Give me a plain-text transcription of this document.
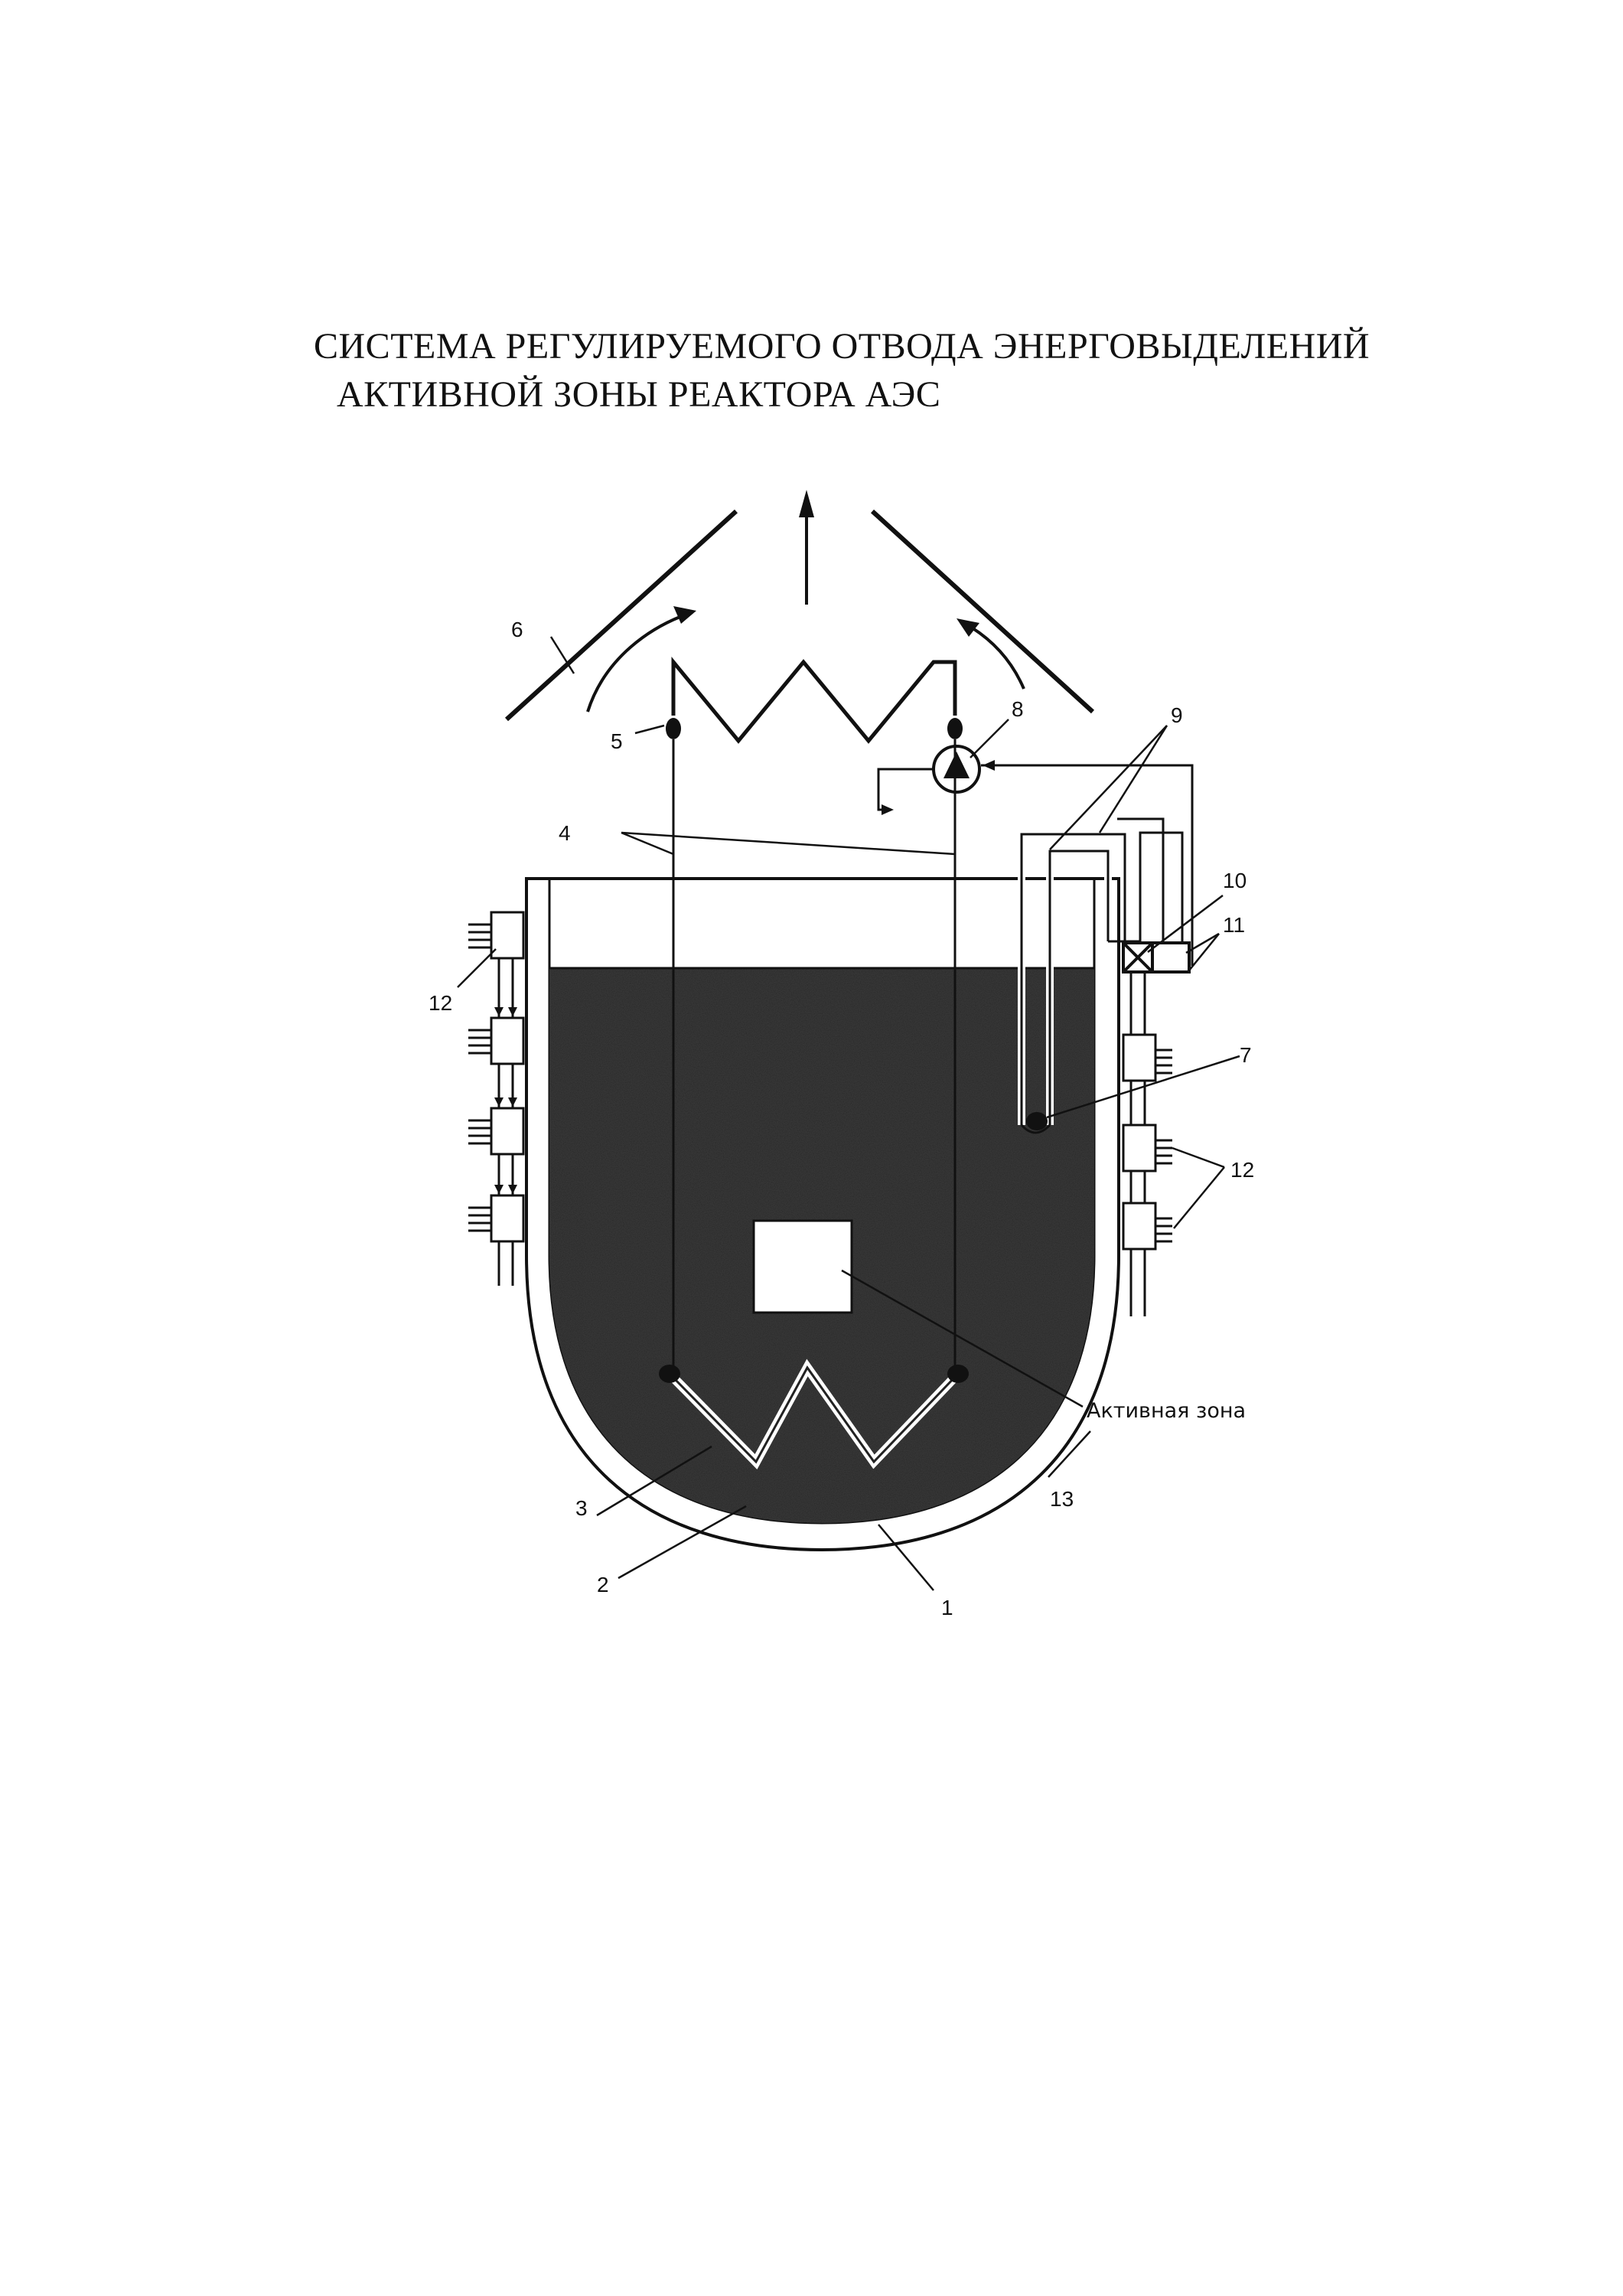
СИСТЕМА РЕГУЛИРУЕМОГО ОТВОДА ЭНЕРГОВЫДЕЛЕНИЙ
АКТИВНОЙ ЗОНЫ РЕАКТОРА АЭС
6
5
4
8	9
10
11
12
7
12
Активная зона
13
3
2
1
